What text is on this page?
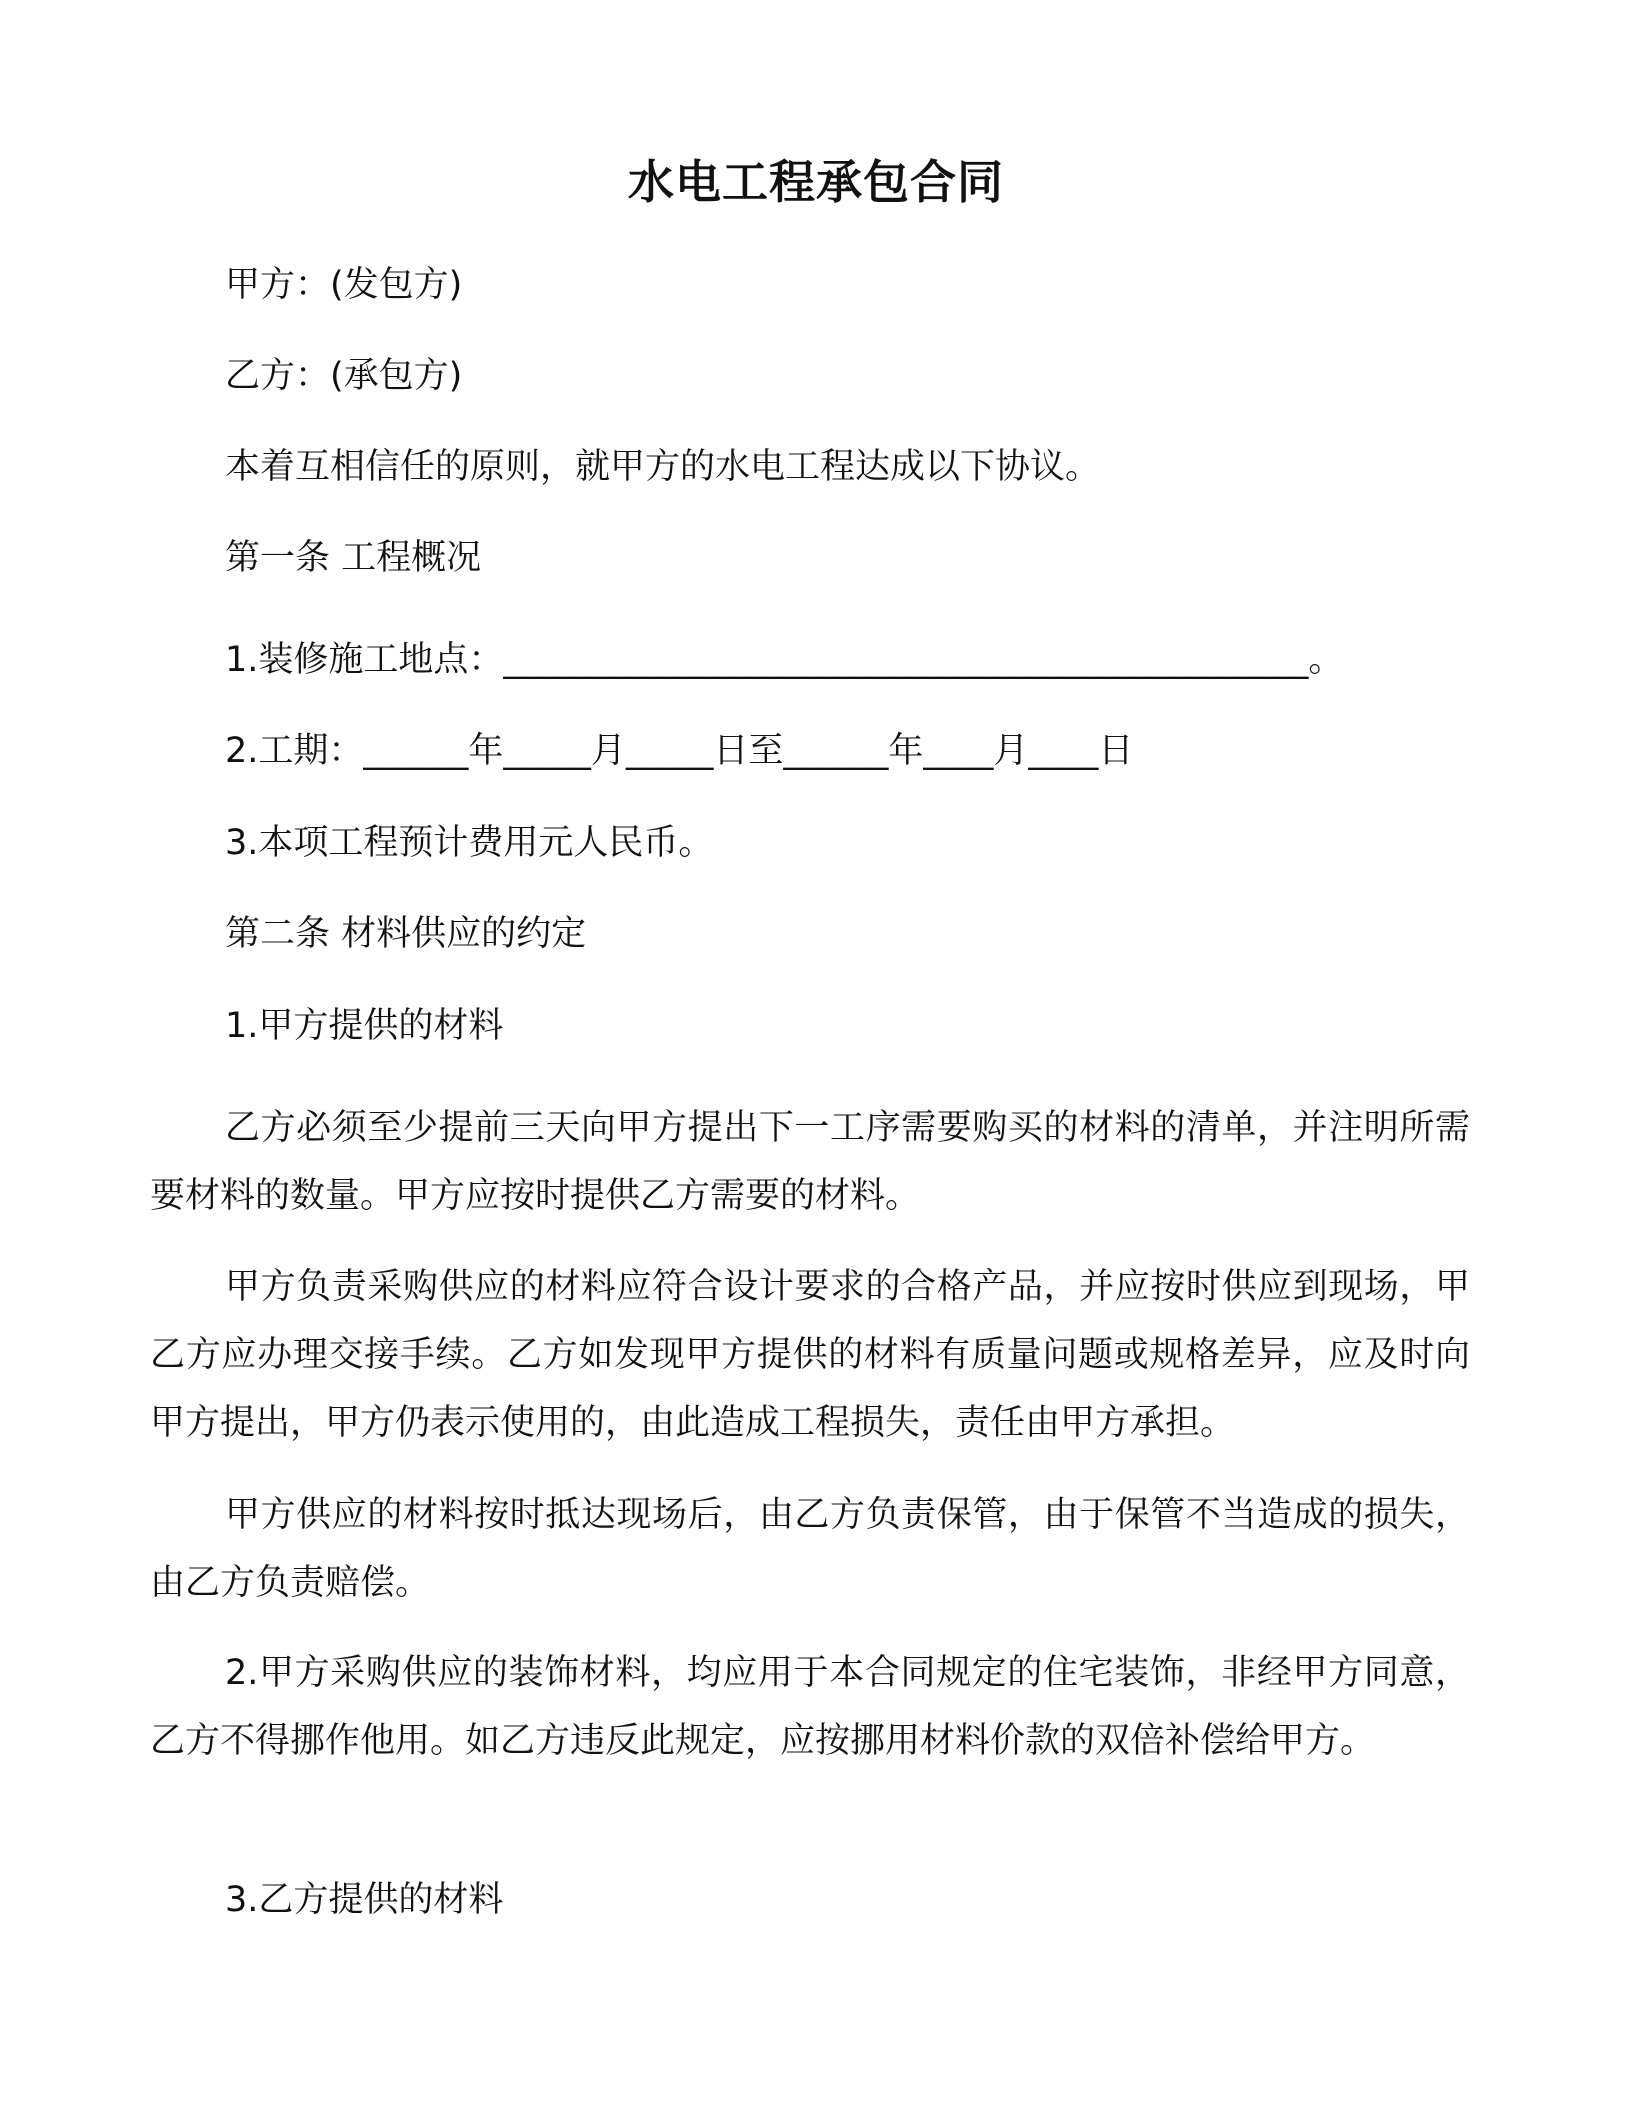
水电工程承包合同
甲方：(发包方)
乙方：(承包方)
本着互相信任的原则，就甲方的水电工程达成以下协议。
第一条 工程概况
1.装修施工地点：______________________________________________。
2.工期：______年_____月_____日至______年____月____日
3.本项工程预计费用元人民币。
第二条 材料供应的约定
1.甲方提供的材料
乙方必须至少提前三天向甲方提出下一工序需要购买的材料的清单，并注明所需要材料的数量。甲方应按时提供乙方需要的材料。
甲方负责采购供应的材料应符合设计要求的合格产品，并应按时供应到现场，甲乙方应办理交接手续。乙方如发现甲方提供的材料有质量问题或规格差异，应及时向甲方提出，甲方仍表示使用的，由此造成工程损失，责任由甲方承担。
甲方供应的材料按时抵达现场后，由乙方负责保管，由于保管不当造成的损失，由乙方负责赔偿。
2.甲方采购供应的装饰材料，均应用于本合同规定的住宅装饰，非经甲方同意，乙方不得挪作他用。如乙方违反此规定，应按挪用材料价款的双倍补偿给甲方。
3.乙方提供的材料
